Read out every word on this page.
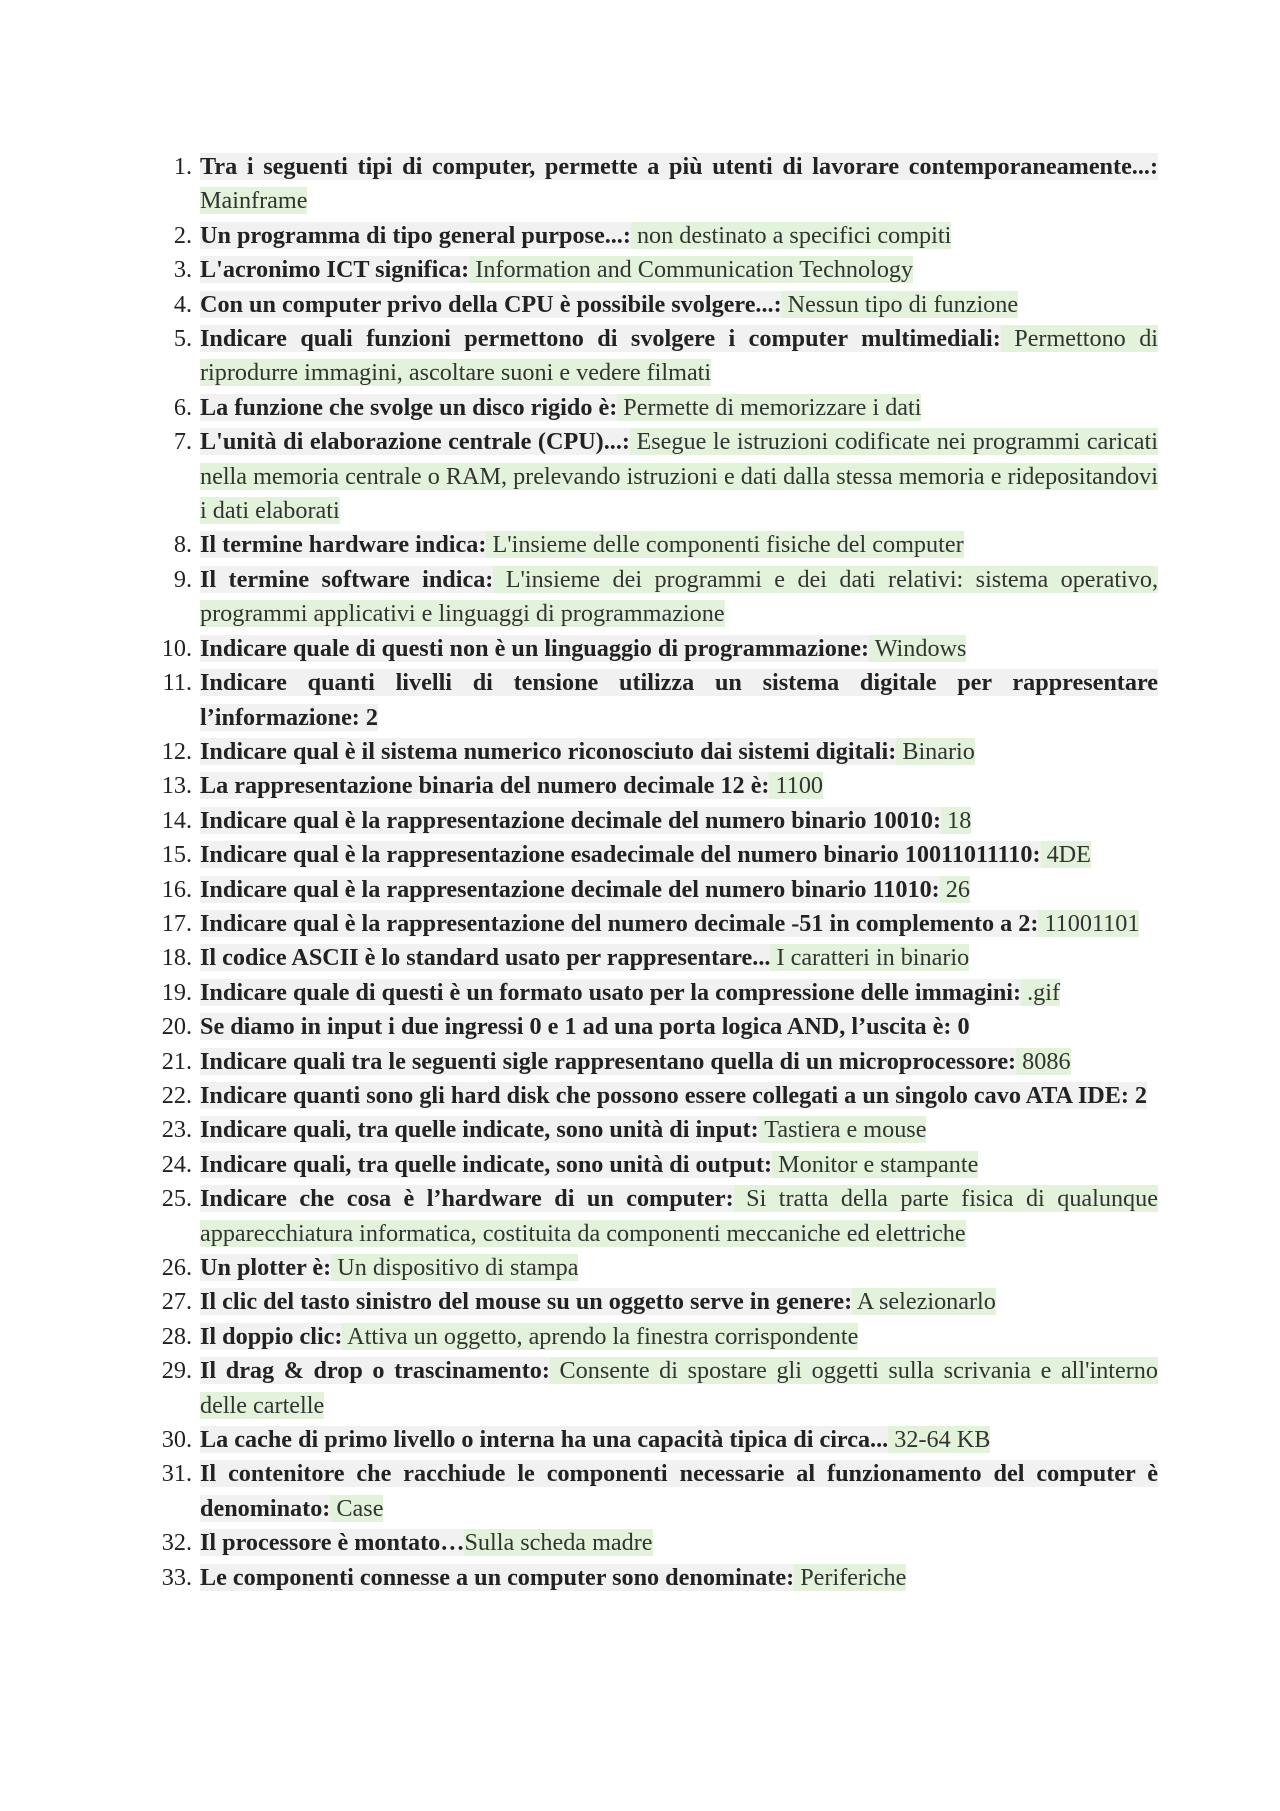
1. Tra i seguenti tipi di computer, permette a più utenti di lavorare contemporaneamente...: Mainframe
2. Un programma di tipo general purpose...: non destinato a specifici compiti
3. L'acronimo ICT significa: Information and Communication Technology
4. Con un computer privo della CPU è possibile svolgere...: Nessun tipo di funzione
5. Indicare quali funzioni permettono di svolgere i computer multimediali: Permettono di riprodurre immagini, ascoltare suoni e vedere filmati
6. La funzione che svolge un disco rigido è: Permette di memorizzare i dati
7. L'unità di elaborazione centrale (CPU)...: Esegue le istruzioni codificate nei programmi caricati nella memoria centrale o RAM, prelevando istruzioni e dati dalla stessa memoria e ridepositandovi i dati elaborati
8. Il termine hardware indica: L'insieme delle componenti fisiche del computer
9. Il termine software indica: L'insieme dei programmi e dei dati relativi: sistema operativo, programmi applicativi e linguaggi di programmazione
10. Indicare quale di questi non è un linguaggio di programmazione: Windows
11. Indicare quanti livelli di tensione utilizza un sistema digitale per rappresentare l’informazione: 2
12. Indicare qual è il sistema numerico riconosciuto dai sistemi digitali: Binario
13. La rappresentazione binaria del numero decimale 12 è: 1100
14. Indicare qual è la rappresentazione decimale del numero binario 10010: 18
15. Indicare qual è la rappresentazione esadecimale del numero binario 10011011110: 4DE
16. Indicare qual è la rappresentazione decimale del numero binario 11010: 26
17. Indicare qual è la rappresentazione del numero decimale -51 in complemento a 2: 11001101
18. Il codice ASCII è lo standard usato per rappresentare... I caratteri in binario
19. Indicare quale di questi è un formato usato per la compressione delle immagini: .gif
20. Se diamo in input i due ingressi 0 e 1 ad una porta logica AND, l’uscita è: 0
21. Indicare quali tra le seguenti sigle rappresentano quella di un microprocessore: 8086
22. Indicare quanti sono gli hard disk che possono essere collegati a un singolo cavo ATA IDE: 2
23. Indicare quali, tra quelle indicate, sono unità di input: Tastiera e mouse
24. Indicare quali, tra quelle indicate, sono unità di output: Monitor e stampante
25. Indicare che cosa è l’hardware di un computer: Si tratta della parte fisica di qualunque apparecchiatura informatica, costituita da componenti meccaniche ed elettriche
26. Un plotter è: Un dispositivo di stampa
27. Il clic del tasto sinistro del mouse su un oggetto serve in genere: A selezionarlo
28. Il doppio clic: Attiva un oggetto, aprendo la finestra corrispondente
29. Il drag & drop o trascinamento: Consente di spostare gli oggetti sulla scrivania e all'interno delle cartelle
30. La cache di primo livello o interna ha una capacità tipica di circa... 32-64 KB
31. Il contenitore che racchiude le componenti necessarie al funzionamento del computer è denominato: Case
32. Il processore è montato…Sulla scheda madre
33. Le componenti connesse a un computer sono denominate: Periferiche
